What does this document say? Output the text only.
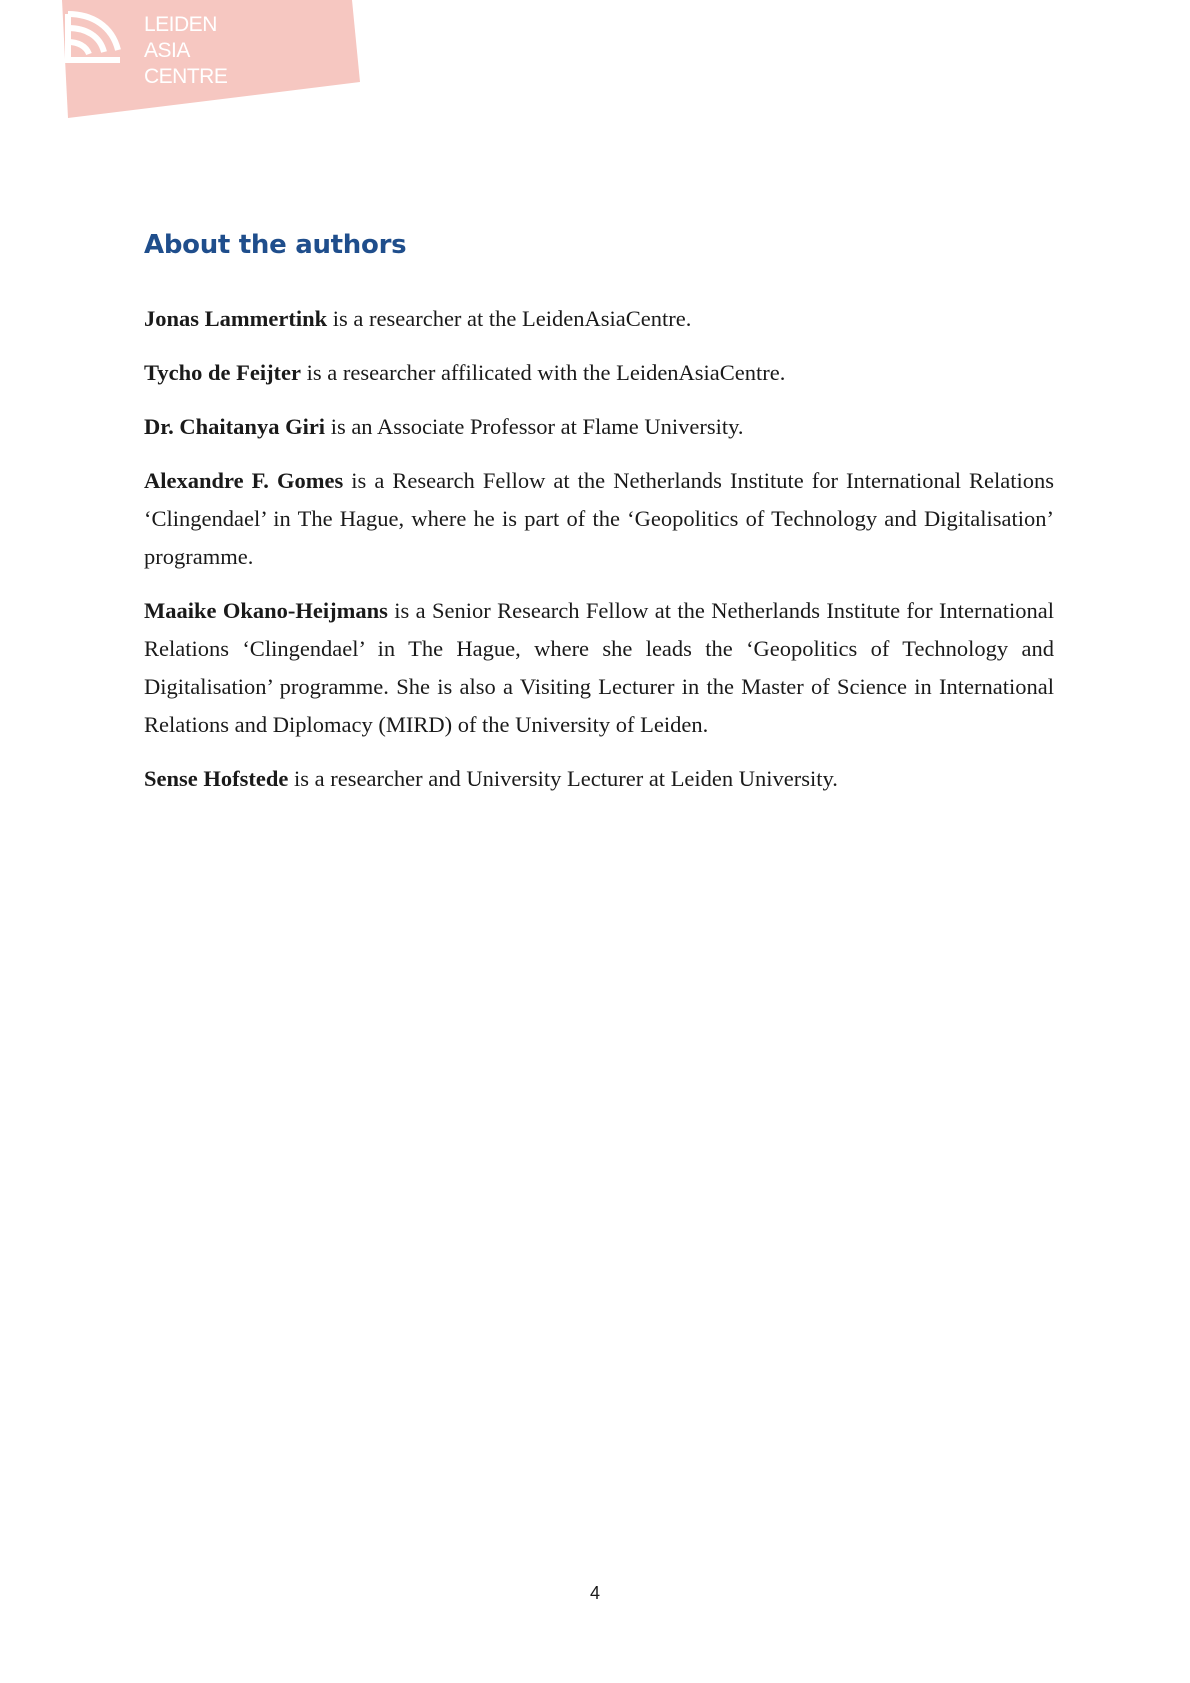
LEIDEN
ASIA
CENTRE
About the authors

Jonas Lammertink is a researcher at the LeidenAsiaCentre.

Tycho de Feijter is a researcher affilicated with the LeidenAsiaCentre.

Dr. Chaitanya Giri is an Associate Professor at Flame University.

Alexandre F. Gomes is a Research Fellow at the Netherlands Institute for International Relations ‘Clingendael’ in The Hague, where he is part of the ‘Geopolitics of Technology and Digitalisation’ programme.

Maaike Okano-Heijmans is a Senior Research Fellow at the Netherlands Institute for International Relations ‘Clingendael’ in The Hague, where she leads the ‘Geopolitics of Technology and Digitalisation’ programme. She is also a Visiting Lecturer in the Master of Science in International Relations and Diplomacy (MIRD) of the University of Leiden.

Sense Hofstede is a researcher and University Lecturer at Leiden University.

4
